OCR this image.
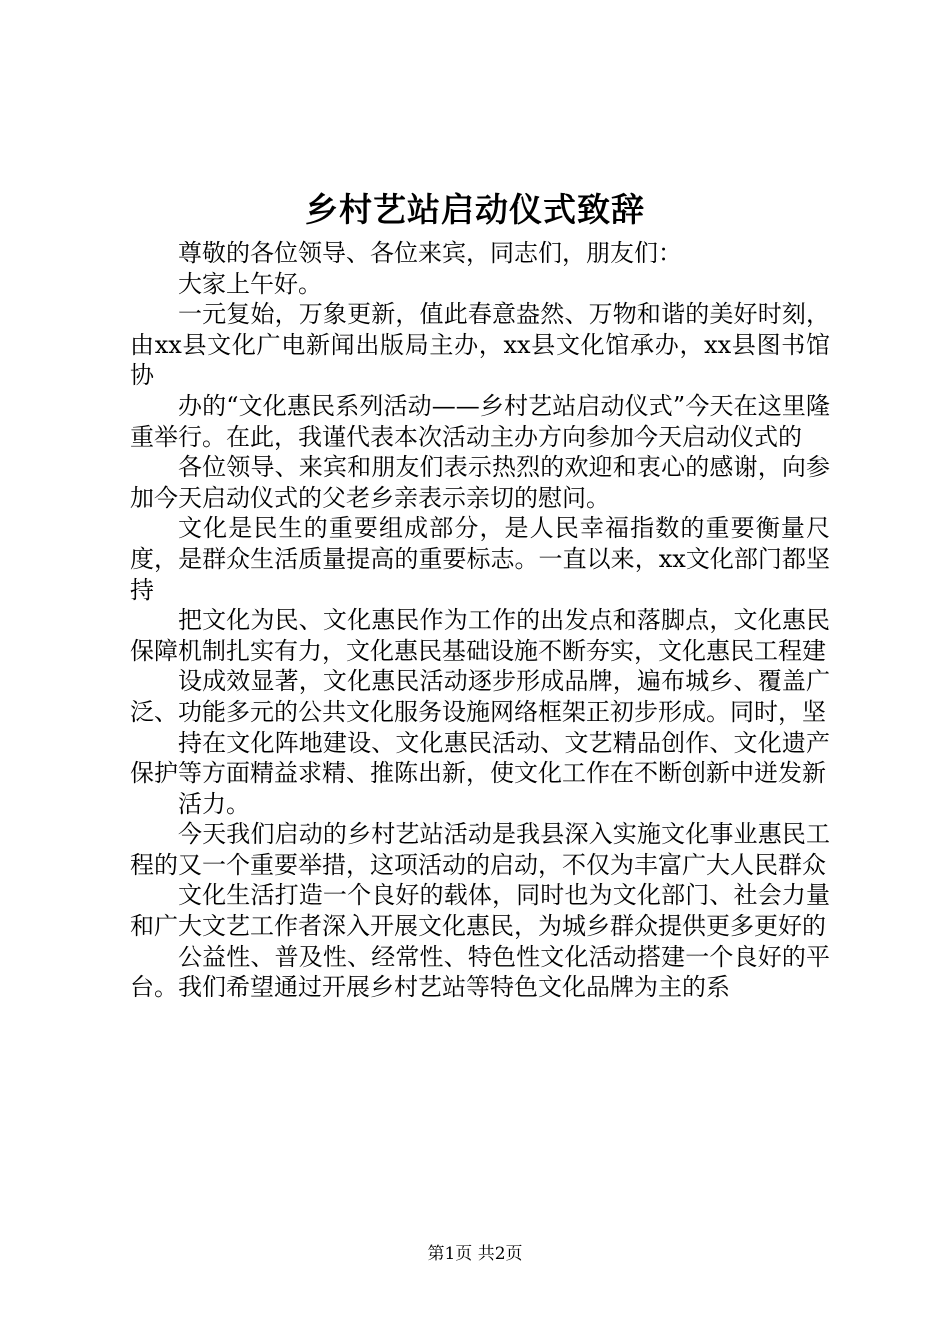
乡村艺站启动仪式致辞

尊敬的各位领导、各位来宾，同志们，朋友们：

大家上午好。

一元复始，万象更新，值此春意盎然、万物和谐的美好时刻，由xx县文化广电新闻出版局主办，xx县文化馆承办，xx县图书馆协

办的“文化惠民系列活动——乡村艺站启动仪式”今天在这里隆重举行。在此，我谨代表本次活动主办方向参加今天启动仪式的

各位领导、来宾和朋友们表示热烈的欢迎和衷心的感谢，向参加今天启动仪式的父老乡亲表示亲切的慰问。

文化是民生的重要组成部分，是人民幸福指数的重要衡量尺度，是群众生活质量提高的重要标志。一直以来，xx文化部门都坚持

把文化为民、文化惠民作为工作的出发点和落脚点，文化惠民保障机制扎实有力，文化惠民基础设施不断夯实，文化惠民工程建

设成效显著，文化惠民活动逐步形成品牌，遍布城乡、覆盖广泛、功能多元的公共文化服务设施网络框架正初步形成。同时，坚

持在文化阵地建设、文化惠民活动、文艺精品创作、文化遗产保护等方面精益求精、推陈出新，使文化工作在不断创新中迸发新

活力。

今天我们启动的乡村艺站活动是我县深入实施文化事业惠民工程的又一个重要举措，这项活动的启动，不仅为丰富广大人民群众

文化生活打造一个良好的载体，同时也为文化部门、社会力量和广大文艺工作者深入开展文化惠民，为城乡群众提供更多更好的

公益性、普及性、经常性、特色性文化活动搭建一个良好的平台。我们希望通过开展乡村艺站等特色文化品牌为主的系

第1页 共2页
